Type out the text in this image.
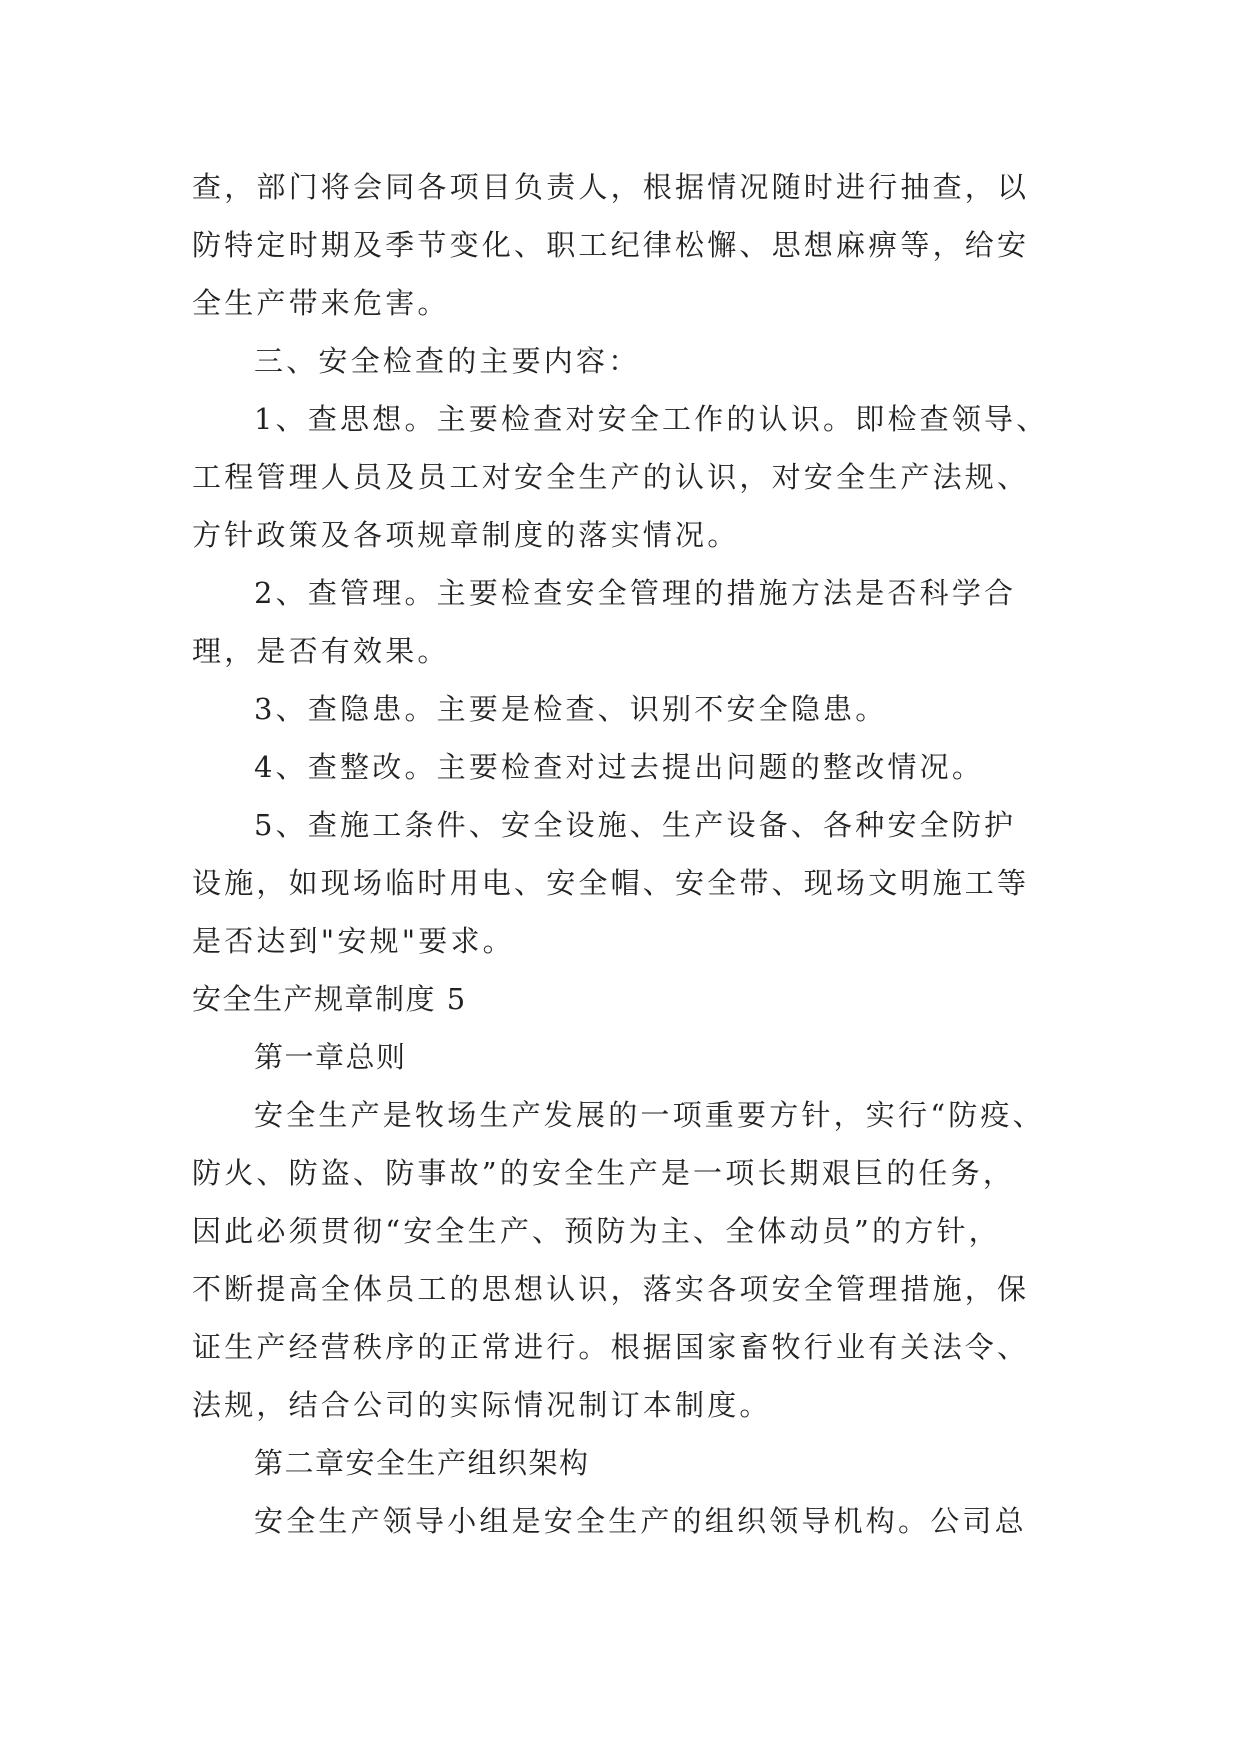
查，部门将会同各项目负责人，根据情况随时进行抽查，以
防特定时期及季节变化、职工纪律松懈、思想麻痹等，给安
全生产带来危害。
三、安全检查的主要内容：
1、查思想。主要检查对安全工作的认识。即检查领导、
工程管理人员及员工对安全生产的认识，对安全生产法规、
方针政策及各项规章制度的落实情况。
2、查管理。主要检查安全管理的措施方法是否科学合
理，是否有效果。
3、查隐患。主要是检查、识别不安全隐患。
4、查整改。主要检查对过去提出问题的整改情况。
5、查施工条件、安全设施、生产设备、各种安全防护
设施，如现场临时用电、安全帽、安全带、现场文明施工等
是否达到"安规"要求。
安全生产规章制度 5
第一章总则
安全生产是牧场生产发展的一项重要方针，实行“防疫、
防火、防盗、防事故”的安全生产是一项长期艰巨的任务，
因此必须贯彻“安全生产、预防为主、全体动员”的方针，
不断提高全体员工的思想认识，落实各项安全管理措施，保
证生产经营秩序的正常进行。根据国家畜牧行业有关法令、
法规，结合公司的实际情况制订本制度。
第二章安全生产组织架构
安全生产领导小组是安全生产的组织领导机构。公司总
